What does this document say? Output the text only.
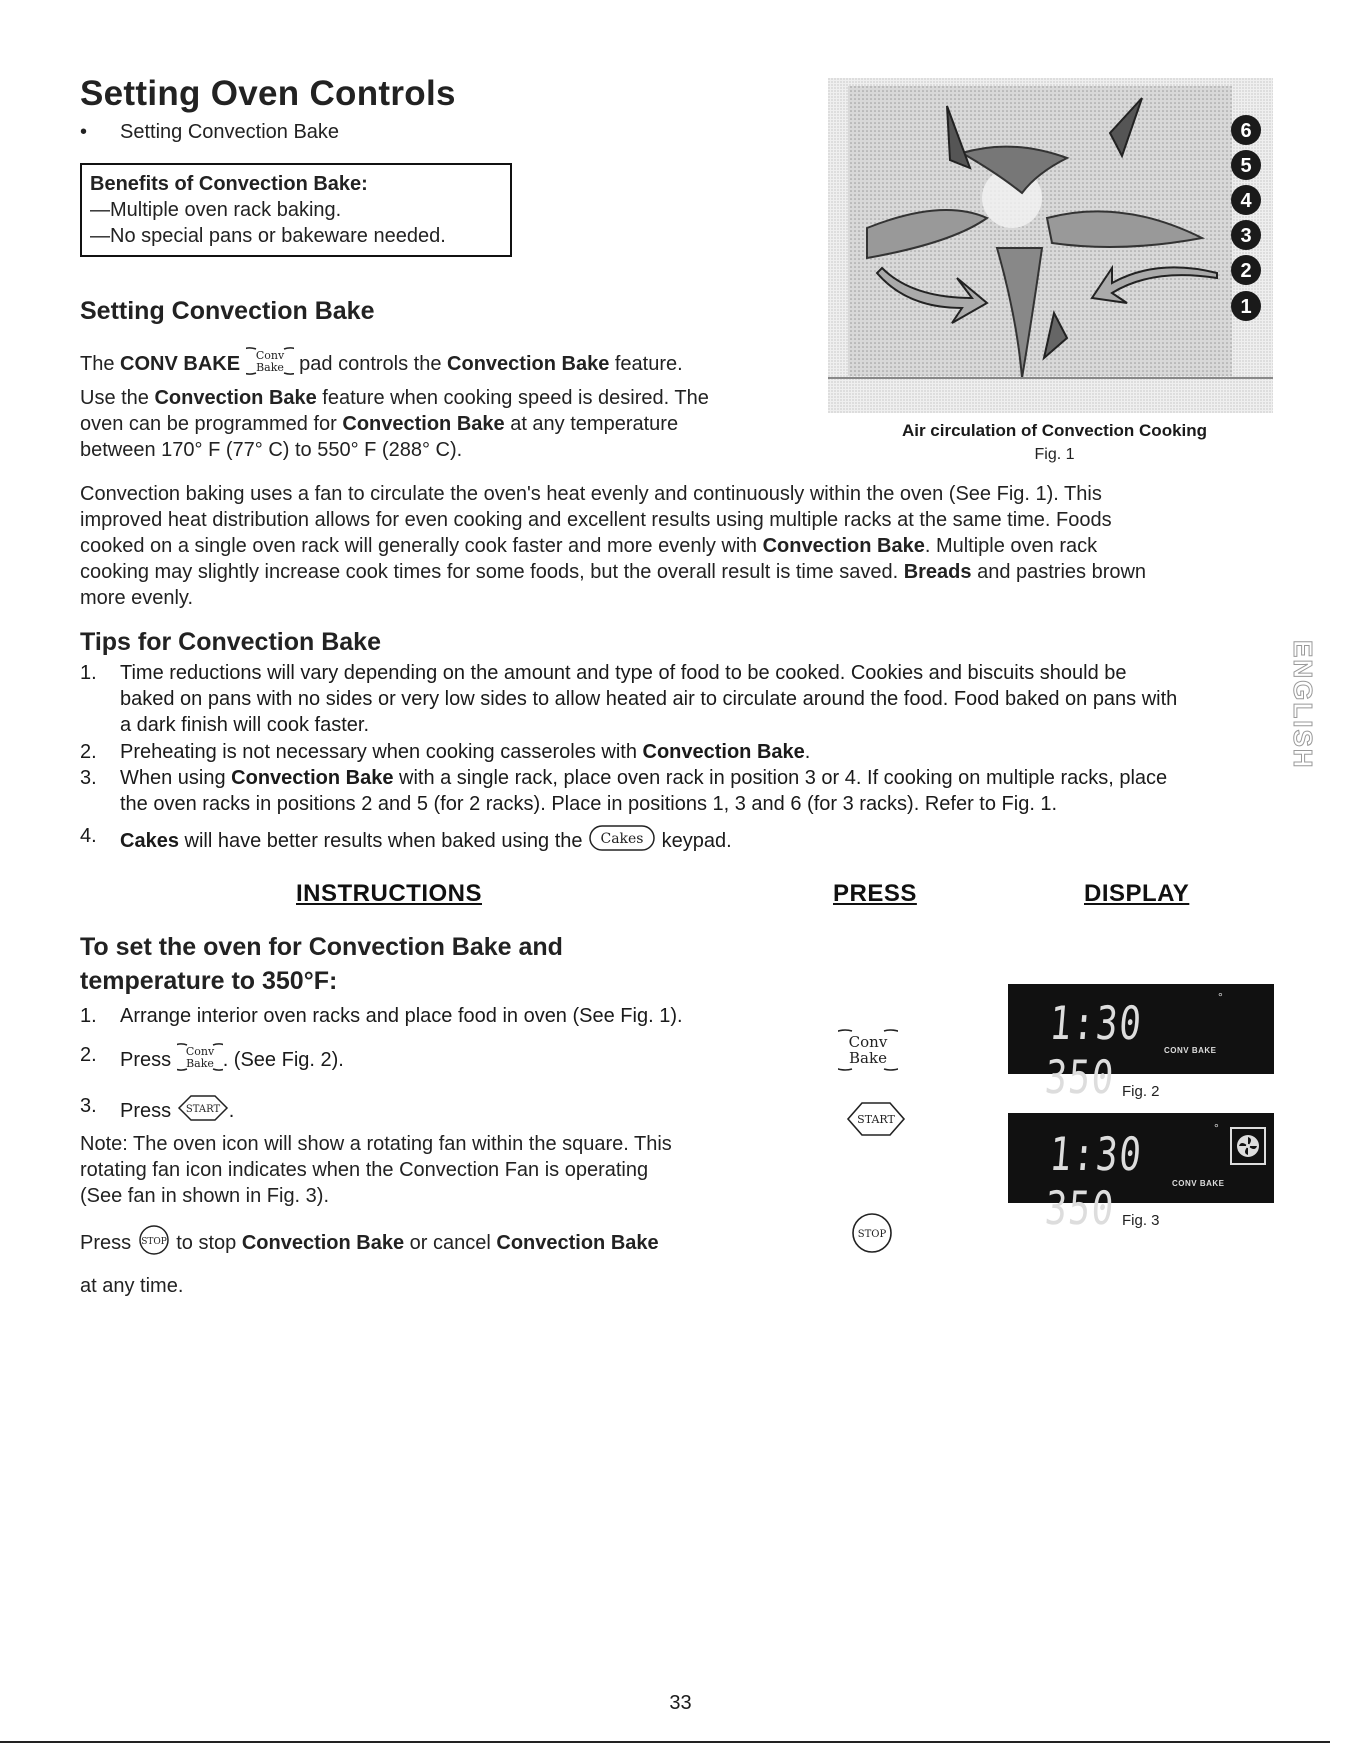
Setting Oven Controls
• Setting Convection Bake
Benefits of Convection Bake:
—Multiple oven rack baking.
—No special pans or bakeware needed.
Setting Convection Bake
The CONV BAKE Conv
Bake pad controls the Convection Bake feature.
Use the Convection Bake feature when cooking speed is desired. The
oven can be programmed for Convection Bake at any temperature
between 170° F (77° C) to 550° F (288° C).
6
5
4
3
2
1
Air circulation of Convection Cooking
Fig. 1
Convection baking uses a fan to circulate the oven's heat evenly and continuously within the oven (See Fig. 1). This
improved heat distribution allows for even cooking and excellent results using multiple racks at the same time. Foods
cooked on a single oven rack will generally cook faster and more evenly with Convection Bake. Multiple oven rack
cooking may slightly increase cook times for some foods, but the overall result is time saved. Breads and pastries brown
more evenly.
Tips for Convection Bake
1. Time reductions will vary depending on the amount and type of food to be cooked. Cookies and biscuits should be
baked on pans with no sides or very low sides to allow heated air to circulate around the food. Food baked on pans with
a dark finish will cook faster.
2. Preheating is not necessary when cooking casseroles with Convection Bake.
3. When using Convection Bake with a single rack, place oven rack in position 3 or 4. If cooking on multiple racks, place
the oven racks in positions 2 and 5 (for 2 racks). Place in positions 1, 3 and 6 (for 3 racks). Refer to Fig. 1.
4. Cakes will have better results when baked using the Cakes keypad.
ENGLISH
INSTRUCTIONS	PRESS	DISPLAY
To set the oven for Convection Bake and
temperature to 350°F:
1. Arrange interior oven racks and place food in oven (See Fig. 1).
2. Press Conv
Bake . (See Fig. 2).
3. Press START .
Note: The oven icon will show a rotating fan within the square. This
rotating fan icon indicates when the Convection Fan is operating
(See fan in shown in Fig. 3).
Press STOP to stop Convection Bake or cancel Convection Bake
at any time.
Conv
Bake
START
STOP
1:30 350
°
CONV BAKE
Fig. 2
1:30 350
°
CONV BAKE
Fig. 3
33
